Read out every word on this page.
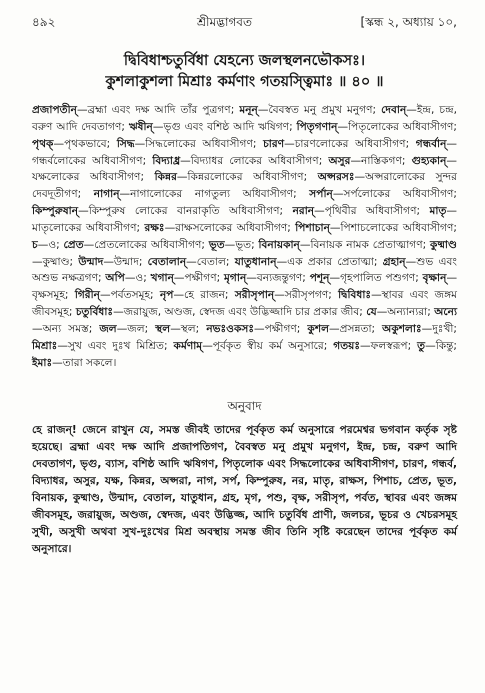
৪৯২	শ্রীমদ্ভাগবত	[স্কন্ধ ২, অধ্যায় ১০,
দ্বিবিধাশ্চতুর্বিধা যেহন্যে জলস্থলনভৌকসঃ।
কুশলাকুশলা মিশ্রাঃ কর্মণাং গতয়স্ত্বিমাঃ ॥ ৪০ ॥
প্রজাপতীন্—ব্রহ্মা এবং দক্ষ আদি তাঁর পুত্রগণ; মনূন্—বৈবস্বত মনু প্রমুখ মনুগণ; দেবান্—ইন্দ্র, চন্দ্র, বরুণ আদি দেবতাগণ; ঋষীন্—ভৃগু এবং বশিষ্ঠ আদি ঋষিগণ; পিতৃগণান্—পিতৃলোকের অধিবাসীগণ; পৃথক্—পৃথকভাবে; সিদ্ধ—সিদ্ধলোকের অধিবাসীগণ; চারণ—চারণলোকের অধিবাসীগণ; গন্ধর্বান্—গন্ধর্বলোকের অধিবাসীগণ; বিদ্যাধ্র—বিদ্যাধর লোকের অধিবাসীগণ; অসুর—নাস্তিকগণ; গুহ্যকান্—যক্ষলোকের অধিবাসীগণ; কিন্নর—কিন্নরলোকের অধিবাসীগণ; অপ্সরসঃ—অপ্সরালোকের সুন্দর দেবদূতীগণ; নাগান্—নাগালোকের নাগতুল্য অধিবাসীগণ; সর্পান্—সর্পলোকের অধিবাসীগণ; কিম্পুরুষান্—কিম্পুরুষ লোকের বানরাকৃতি অধিবাসীগণ; নরান্—পৃথিবীর অধিবাসীগণ; মাতৃ—মাতৃলোকের অধিবাসীগণ; রক্ষঃ—রাক্ষসলোকের অধিবাসীগণ; পিশাচান্—পিশাচলোকের অধিবাসীগণ; চ—ও; প্রেত—প্রেতলোকের অধিবাসীগণ; ভূত—ভূত; বিনায়কান্—বিনায়ক নামক প্রেতাত্মাগণ; কুষ্মাণ্ড—কুষ্মাণ্ড; উন্মাদ—উন্মাদ; বেতালান্—বেতাল; যাতুধানান্—এক প্রকার প্রেতাত্মা; গ্রহান্—শুভ এবং অশুভ নক্ষত্রগণ; অপি—ও; খগান্—পক্ষীগণ; মৃগান্—বন্যজন্তুগণ; পশূন্—গৃহপালিত পশুগণ; বৃক্ষান্—বৃক্ষসমূহ; গিরীন্—পর্বতসমূহ; নৃপ—হে রাজন; সরীসৃপান্—সরীসৃপগণ; দ্বিবিধাঃ—স্থাবর এবং জঙ্গম জীবসমূহ; চতুর্বিধাঃ—জরায়ুজ, অণ্ডজ, স্বেদজ এবং উদ্ভিজ্জাদি চার প্রকার জীব; যে—অন্যান্যরা; অন্যে—অন্য সমস্ত; জল—জল; স্থল—স্থল; নভঃওকসঃ—পক্ষীগণ; কুশল—প্রসন্নতা; অকুশলাঃ—দুঃখী; মিশ্রাঃ—সুখ এবং দুঃখ মিশ্রিত; কর্মণাম্—পূর্বকৃত স্বীয় কর্ম অনুসারে; গতয়ঃ—ফলস্বরূপ; তু—কিন্তু; ইমাঃ—তারা সকলে।
অনুবাদ
হে রাজন্! জেনে রাখুন যে, সমস্ত জীবই তাদের পূর্বকৃত কর্ম অনুসারে পরমেশ্বর ভগবান কর্তৃক সৃষ্ট হয়েছে। ব্রহ্মা এবং দক্ষ আদি প্রজাপতিগণ, বৈবস্বত মনু প্রমুখ মনুগণ, ইন্দ্র, চন্দ্র, বরুণ আদি দেবতাগণ, ভৃগু, ব্যাস, বশিষ্ঠ আদি ঋষিগণ, পিতৃলোক এবং সিদ্ধলোকের অধিবাসীগণ, চারণ, গন্ধর্ব, বিদ্যাধর, অসুর, যক্ষ, কিন্নর, অপ্সরা, নাগ, সর্প, কিম্পুরুষ, নর, মাতৃ, রাক্ষস, পিশাচ, প্রেত, ভূত, বিনায়ক, কুষ্মাণ্ড, উন্মাদ, বেতাল, যাতুধান, গ্রহ, মৃগ, পশু, বৃক্ষ, সরীসৃপ, পর্বত, স্থাবর এবং জঙ্গম জীবসমূহ, জরায়ুজ, অণ্ডজ, স্বেদজ, এবং উদ্ভিজ্জ, আদি চতুর্বিধ প্রাণী, জলচর, ভূচর ও খেচরসমূহ সুখী, অসুখী অথবা সুখ-দুঃখের মিশ্র অবস্থায় সমস্ত জীব তিনি সৃষ্টি করেছেন তাদের পূর্বকৃত কর্ম অনুসারে।
